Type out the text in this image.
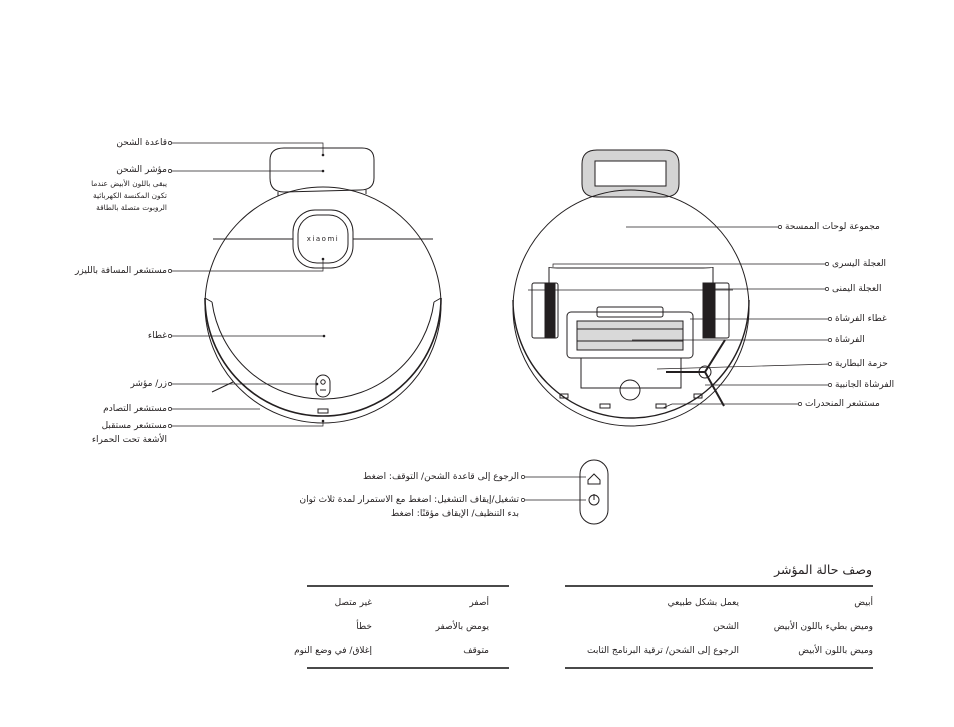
xiaomi
قاعدة الشحن
مؤشر الشحن
يبقى باللون الأبيض عندما
تكون المكنسة الكهربائية
الروبوت متصلة بالطاقة
مستشعر المسافة بالليزر
غطاء
زر/ مؤشر
مستشعر التصادم
مستشعر مستقبل
الأشعة تحت الحمراء
مجموعة لوحات الممسحة
العجلة اليسرى
العجلة اليمنى
غطاء الفرشاة
الفرشاة
حزمة البطارية
الفرشاة الجانبية
مستشعر المنحدرات
الرجوع إلى قاعدة الشحن/ التوقف: اضغط
تشغيل/إيقاف التشغيل: اضغط مع الاستمرار لمدة ثلاث ثوان
بدء التنظيف/ الإيقاف مؤقتًا: اضغط
وصف حالة المؤشر
أبيض
يعمل بشكل طبيعي
وميض بطيء باللون الأبيض
الشحن
وميض باللون الأبيض
الرجوع إلى الشحن/ ترقية البرنامج الثابت
أصفر
غير متصل
يومض بالأصفر
خطأ
متوقف
إغلاق/ في وضع النوم
